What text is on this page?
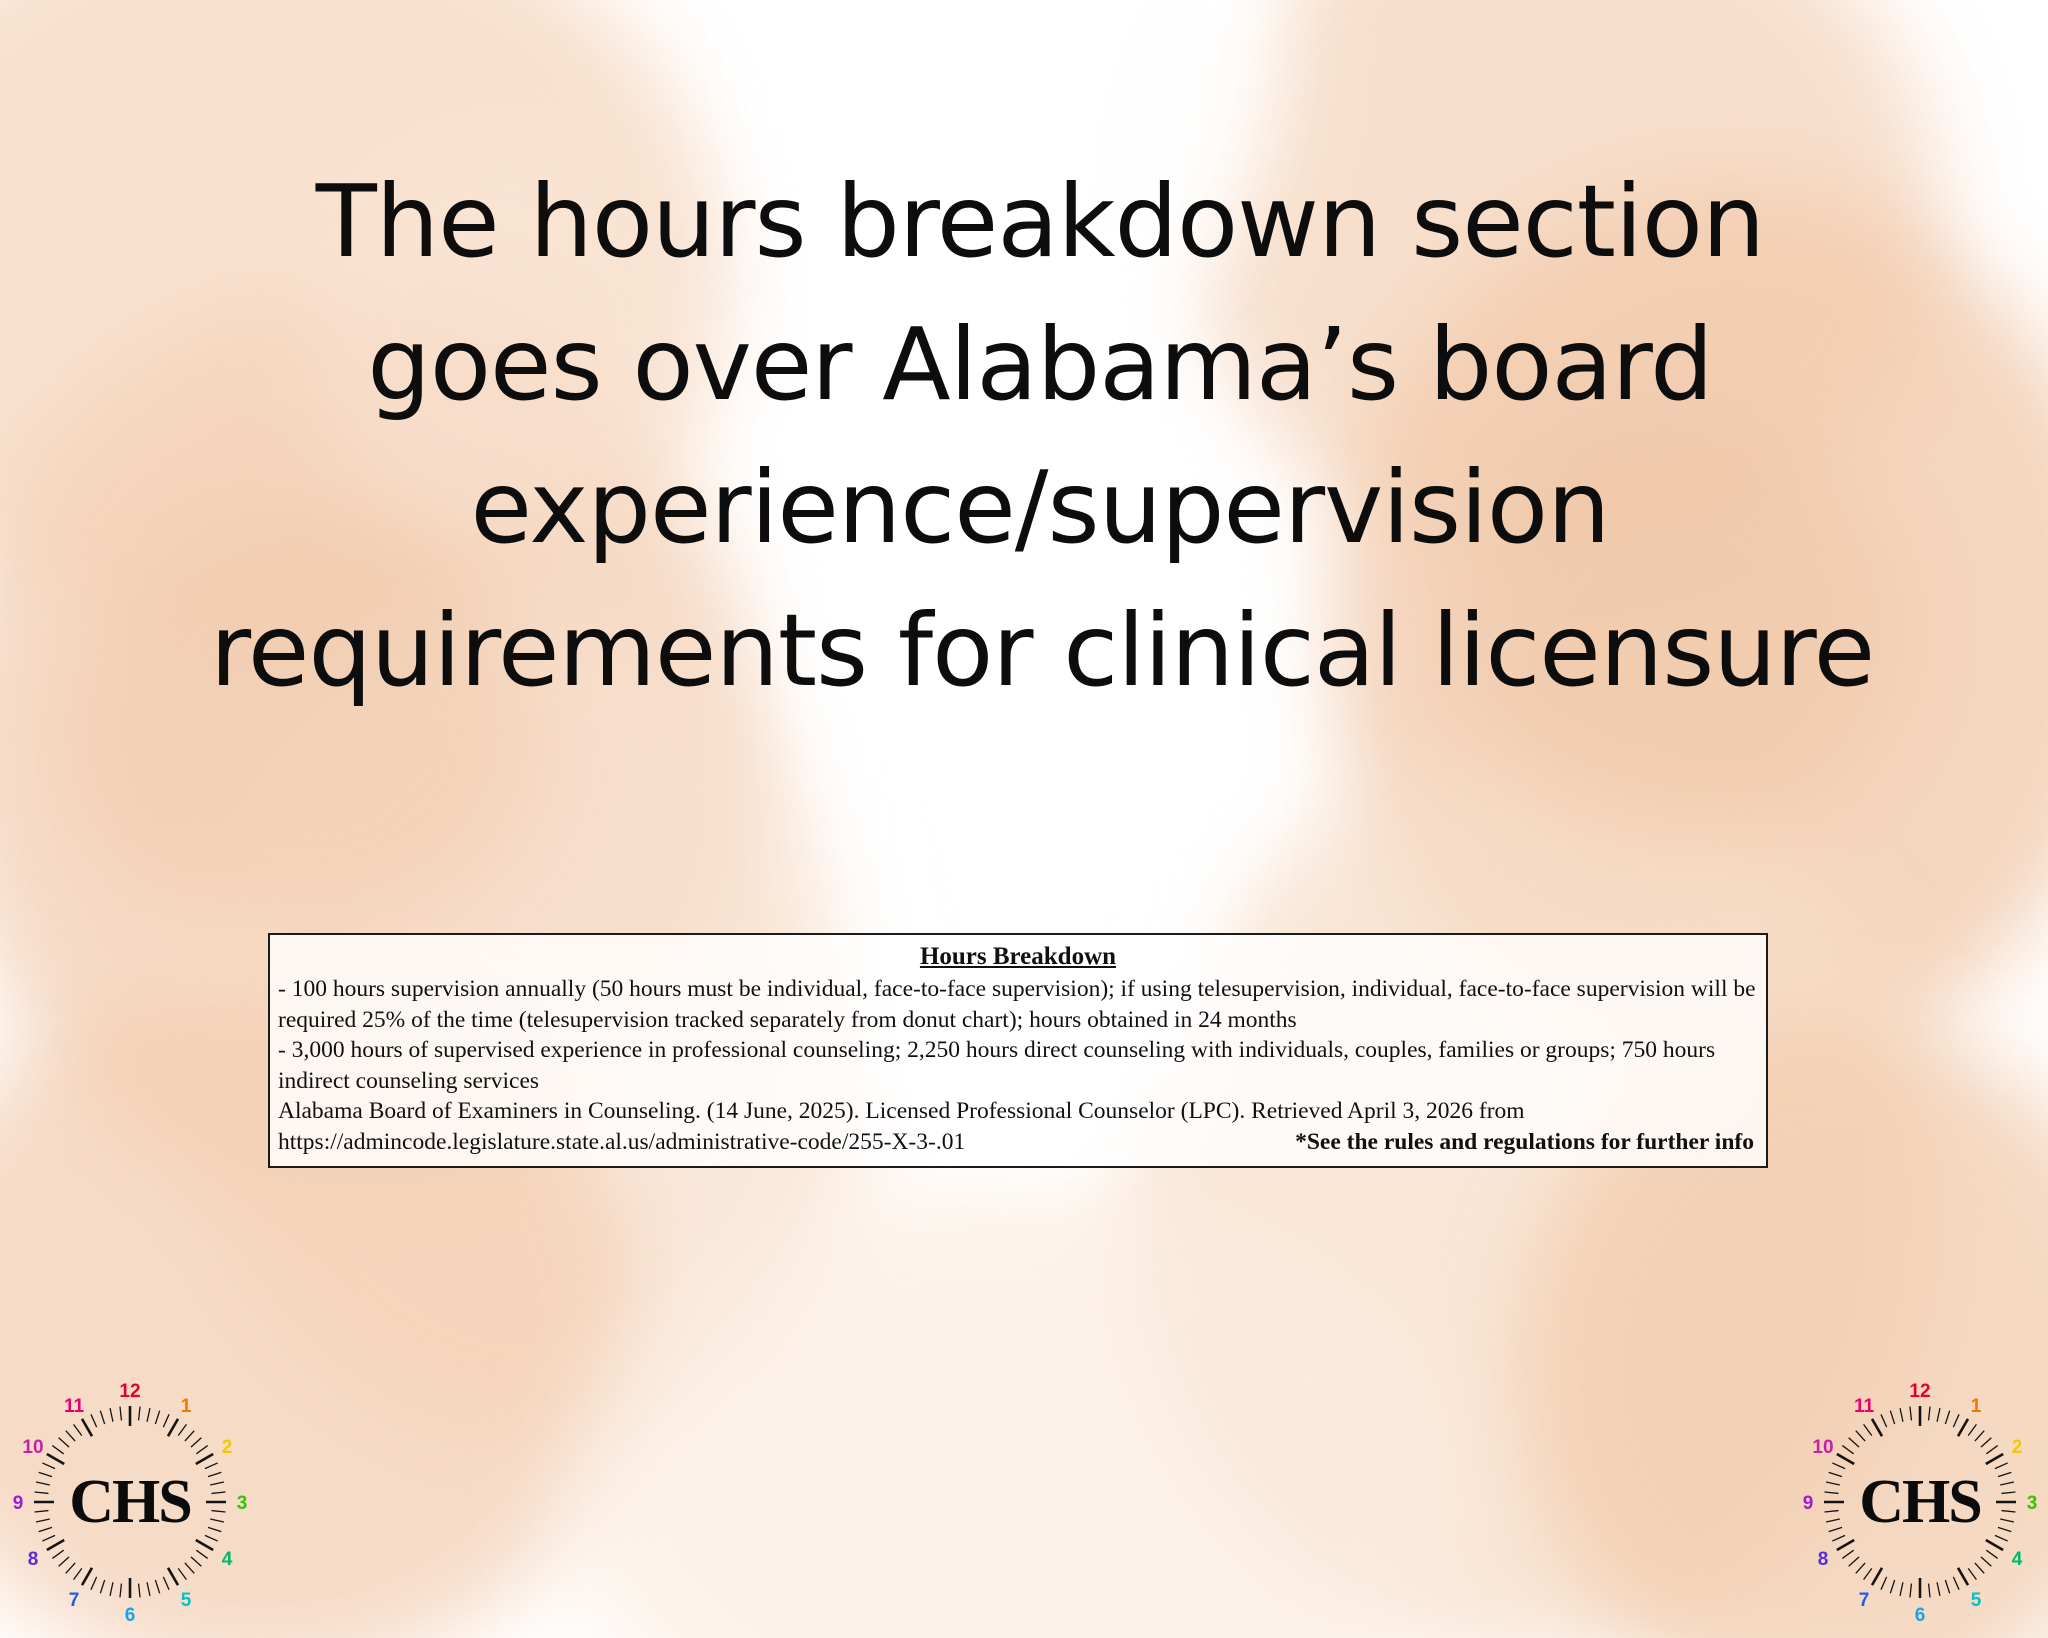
The hours breakdown section
goes over Alabama’s board
experience/supervision
requirements for clinical licensure
Hours Breakdown
- 100 hours supervision annually (50 hours must be individual, face-to-face supervision); if using telesupervision, individual, face-to-face supervision will be required 25% of the time (telesupervision tracked separately from donut chart); hours obtained in 24 months
- 3,000 hours of supervised experience in professional counseling; 2,250 hours direct counseling with individuals, couples, families or groups; 750 hours indirect counseling services
Alabama Board of Examiners in Counseling. (14 June, 2025). Licensed Professional Counselor (LPC). Retrieved April 3, 2026 from
https://admincode.legislature.state.al.us/administrative-code/255-X-3-.01	*See the rules and regulations for further info
12
1
2
3
4
5
6
7
8
9
10
11
CHS
12
1
2
3
4
5
6
7
8
9
10
11
CHS
